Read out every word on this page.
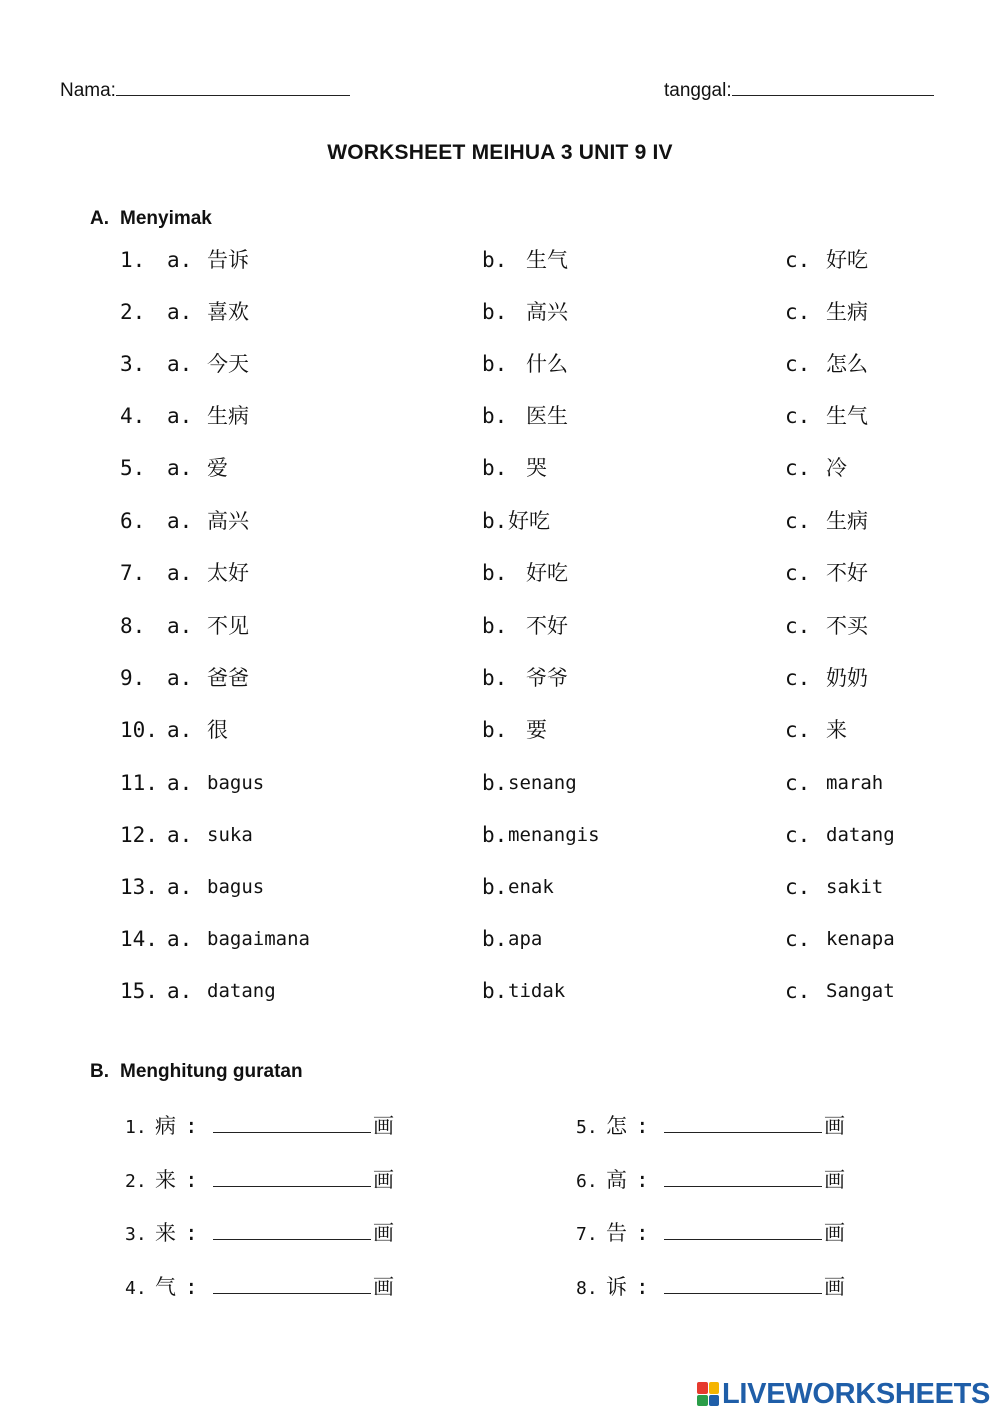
Nama:	tanggal:
WORKSHEET MEIHUA 3 UNIT 9 IV
A. Menyimak
1. a. 告诉	b. 生气	c. 好吃
2. a. 喜欢	b. 高兴	c. 生病
3. a. 今天	b. 什么	c. 怎么
4. a. 生病	b. 医生	c. 生气
5. a. 爱	b. 哭	c. 冷
6. a. 高兴	b. 好吃	c. 生病
7. a. 太好	b. 好吃	c. 不好
8. a. 不见	b. 不好	c. 不买
9. a. 爸爸	b. 爷爷	c. 奶奶
10. a. 很	b. 要	c. 来
11. a. bagus	b. senang	c. marah
12. a. suka	b. menangis	c. datang
13. a. bagus	b. enak	c. sakit
14. a. bagaimana	b. apa	c. kenapa
15. a. datang	b. tidak	c. Sangat
B. Menghitung guratan
1. 病 :	画
2. 来 :	画
3. 来 :	画
4. 气 :	画
5. 怎 :	画
6. 高 :	画
7. 告 :	画
8. 诉 :	画
LIVEWORKSHEETS
